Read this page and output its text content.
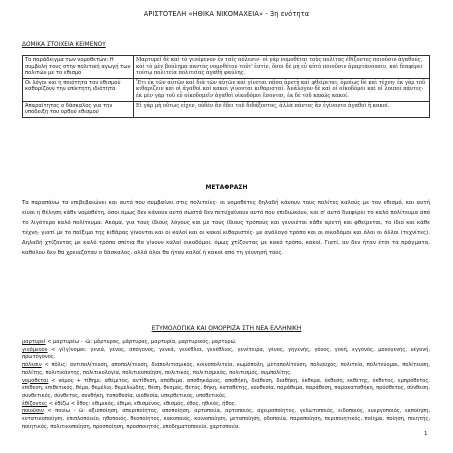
ΑΡΙΣΤΟΤΕΛΗ «ΗΘΙΚΑ ΝΙΚΟΜΑΧΕΙΑ» - 3η ενότητα
ΔΟΜΙΚΑ ΣΤΟΙΧΕΙΑ ΚΕΙΜΕΝΟΥ
Το παράδειγμα των νομοθετών: Η συμβολή τους στην πολιτική αγωγή των πολιτών με το εθισμό	Μαρτυρεῖ δὲ καὶ τὸ γινόμενον ἐν ταῖς πόλεσιν· οἱ γὰρ νομοθέται τοὺς πολίτας ἐθίζοντες ποιοῦσιν ἀγαθούς, καὶ τὸ μὲν βούλημα παντὸς νομοθέτου τοῦτ' ἐστίν, ὅσοι δὲ μὴ εὖ αὐτὸ ποιοῦσιν ἁμαρτάνουσιν, καὶ διαφέρει τούτῳ πολιτεία πολιτείας ἀγαθὴ φαύλης.
Οι λόγοι και η ποιότητα του εθισμού καθορίζουν την επίκτητη ιδιότητα	Ἔτι ἐκ τῶν αὐτῶν καὶ διὰ τῶν αὐτῶν καὶ γίνεται πᾶσα ἀρετὴ καὶ φθείρεται, ὁμοίως δὲ καὶ τέχνη· ἐκ γὰρ τοῦ κιθαρίζειν καὶ οἱ ἀγαθοὶ καὶ κακοὶ γίνονται κιθαρισταί. Ἀνάλογον δὲ καὶ οἱ οἰκοδόμοι καὶ οἱ λοιποὶ πάντες· ἐκ μὲν γὰρ τοῦ εὖ οἰκοδομεῖν ἀγαθοὶ οἰκοδόμοι ἔσονται, ἐκ δὲ τοῦ κακῶς κακοί.
Απαραίτητος ο δάσκαλος για την υπόδειξη του ορθού εθισμού	Εἰ γὰρ μὴ οὕτως εἶχεν, οὐδὲν ἂν ἔδει τοῦ διδάξοντος, ἀλλὰ πάντες ἂν ἐγίνοντο ἀγαθοὶ ἢ κακοί.
ΜΕΤΑΦΡΑΣΗ
Τα παραπάνω τα επιβεβαιώνει και αυτό που συμβαίνει στις πολιτείες· οι νομοθέτες δηλαδή κάνουν τους πολίτες καλούς με τον εθισμό, και αυτή είναι η θέληση κάθε νομοθέτη, όσοι όμως δεν κάνουν αυτό σωστά δεν πετυχαίνουν αυτό που επιδιώκουν, και σ' αυτό διαφέρει το καλό πολίτευμα από το λιγότερο καλό πολίτευμα. Ακόμα, για τους ίδιους λόγους και με τους ίδιους τρόπους και γεννιέται κάθε αρετή και φθείρεται, το ίδιο και κάθε τέχνη· γιατί με το παίξιμο της κιθάρας γίνονται και οι καλοί και οι κακοί κιθαριστές· με ανάλογο τρόπο και οι οικοδόμοι και όλοι οι άλλοι (τεχνίτες). Δηλαδή χτίζοντας με καλό τρόπο σπίτια θα γίνουν καλοί οικοδόμοι, όμως χτίζοντας με κακό τρόπο, κακοί. Γιατί, αν δεν ήταν έτσι τα πράγματα, καθόλου δεν θα χρειαζόταν ο δάσκαλος, αλλά όλοι θα ήταν καλοί ή κακοί από τη γέννησή τους.
ΕΤΥΜΟΛΟΓΙΚΑ ΚΑΙ ΟΜΟΡΡΙΖΑ ΣΤΗ ΝΕΑ ΕΛΛΗΝΙΚΗ
μαρτυρεῖ < μαρτυρέω - -ῶ: μάρτυρας, μάρτυρας, μαρτυρία, μαρτυρικός, μαρτυρώ.
γινόμενον < γί(γ)νομαι: γενιά, γένος, απόγονος, γενεά, γενέθλια, γενέθλιος, γενέτειρα, γένος, γηγενής, γόνος, γονή, εγγονός, μονογενής, νέγονή, πρωτόγονος.
πόλεσιν < πόλις: αντιπολίτευση, αποπολίτευση, διαπολιτισμικός, κοινοπολιτεία, κωμόπολη, μεταπολίτευση, πολιούχος, πολιτεία, πολιτεύομαι, πολίτευση, πολίτης, πολιτικάντης, πολιτικολογία, πολιτικοποίηση, πολιτικός, πολιτισμικός, πολιτισμός, συμπολίτης.
νομοθέται < νόμος + τίθημι: αθέμιτος, αντίθεση, απόθεμα, αποθηκάριος, αποθήκη, διάθεση, διαθήκη, έκθεμα, έκθεση, εκθέτης, έκθετος, εμπρόθετος, επίθεση, επιθετικός, θέμα, θεμέλιο, θεμελιώδης, θέση, θεσμός, θετός, θήκη, καταθέτης, νουθεσία, παράθεμα, παράθεση, παρακαταθήκη, πρόσθετος, σύνθεση, συνθετικός, σύνθετος, συνθήκη, τοποθεσία, υιοθεσία, υπερθετικός, υποθετικός.
ἐθίζοντες < ἐθίζω < ἔθος: εθιμικός, έθιμο, εθισμένος, εθισμός, έθος, ηθικός, ήθος.
ποιοῦσιν < ποιέω - ῶ: αξιοποίηση, απεριποίητος, αποποίηση, αρτοποιία, αρτοποιός, αχειροποίητος, γελωτοποιός, ειδοποιός, ευεργοποιός, εκποίηση, εντατικοποίηση, επιπλοποιείο, ηθοποιός, θεοποίητος, κακοποιός, κοινοποίηση, μεταποίηση, οδοποιία, παραποίηση, περιποιητικός, ποίημα, ποίηση, ποιητής, ποιητικός, πολιτικοποίηση, προσποίηση, προσποιητός, υποδηματοποιείο, χαρτοποιία.
1
